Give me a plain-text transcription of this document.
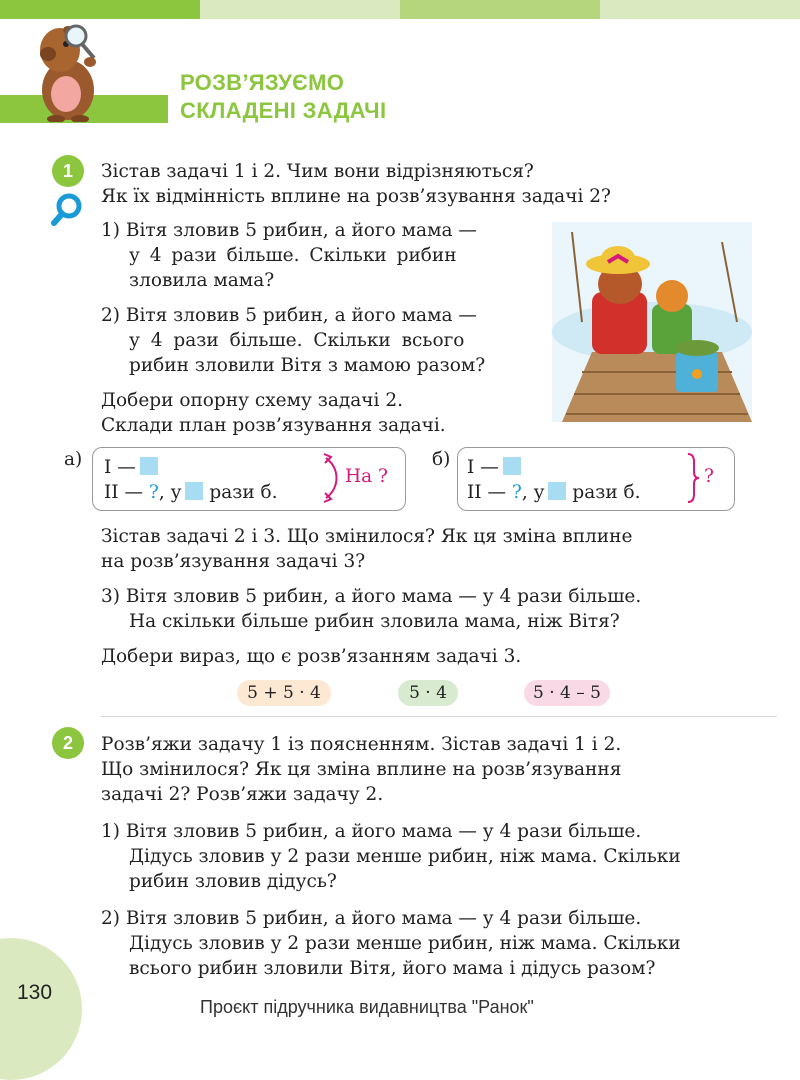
РОЗВ’ЯЗУЄМО
СКЛАДЕНІ ЗАДАЧІ
1	Зістав задачі 1 і 2. Чим вони відрізняються?
Як їх відмінність вплине на розв’язування задачі 2?
1) Вітя зловив 5 рибин, а його мама —
у 4 рази більше. Скільки рибин
зловила мама?
2) Вітя зловив 5 рибин, а його мама —
у 4 рази більше. Скільки всього
рибин зловили Вітя з мамою разом?
Добери опорну схему задачі 2.
Склади план розв’язування задачі.
а) I —
II — ?, у рази б.
На ?
б) I —
II — ?, у рази б.
?
Зістав задачі 2 і 3. Що змінилося? Як ця зміна вплине
на розв’язування задачі 3?
3) Вітя зловив 5 рибин, а його мама — у 4 рази більше.
На скільки більше рибин зловила мама, ніж Вітя?
Добери вираз, що є розв’язанням задачі 3.
5 + 5 · 4	5 · 4	5 · 4 – 5
2	Розв’яжи задачу 1 із поясненням. Зістав задачі 1 і 2.
Що змінилося? Як ця зміна вплине на розв’язування
задачі 2? Розв’яжи задачу 2.
1) Вітя зловив 5 рибин, а його мама — у 4 рази більше.
Дідусь зловив у 2 рази менше рибин, ніж мама. Скільки
рибин зловив дідусь?
2) Вітя зловив 5 рибин, а його мама — у 4 рази більше.
Дідусь зловив у 2 рази менше рибин, ніж мама. Скільки
всього рибин зловили Вітя, його мама і дідусь разом?
130
Проєкт підручника видавництва "Ранок"
